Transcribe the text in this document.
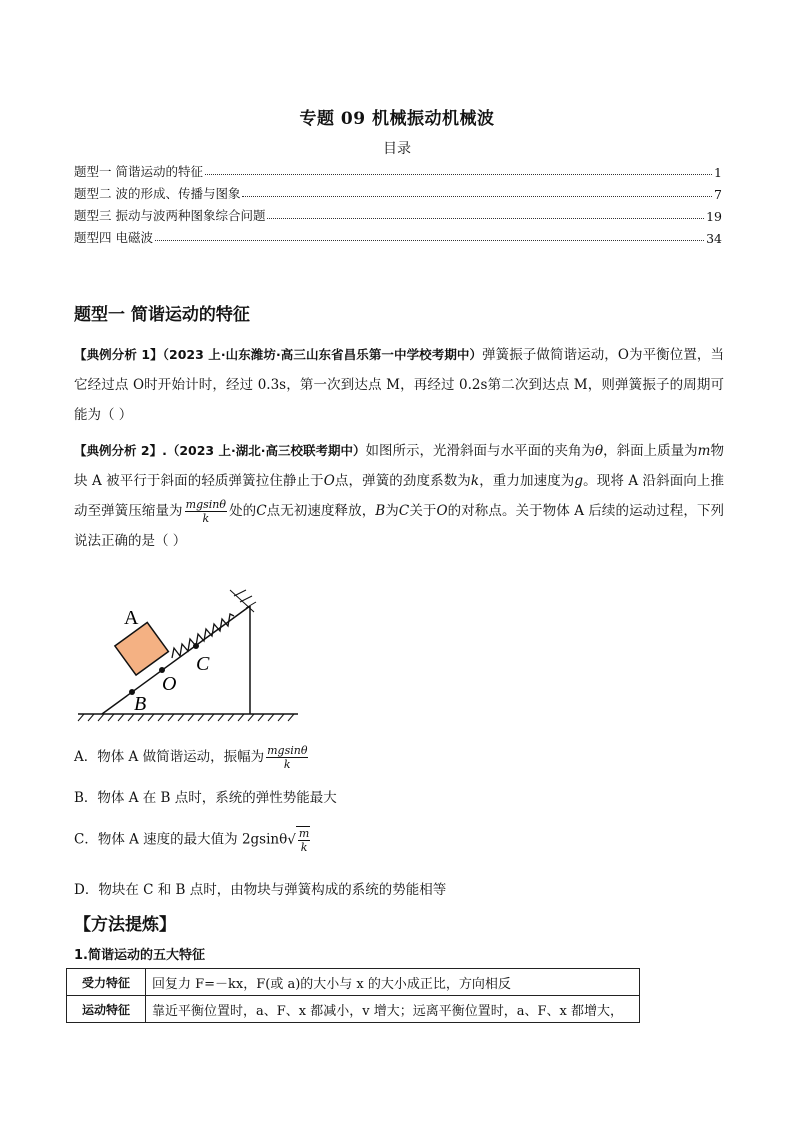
专题 09 机械振动机械波
目录
题型一 简谐运动的特征	1
题型二 波的形成、传播与图象	7
题型三 振动与波两种图象综合问题	19
题型四 电磁波	34
题型一 简谐运动的特征
【典例分析 1】（2023 上·山东潍坊·高三山东省昌乐第一中学校考期中）弹簧振子做简谐运动，O为平衡位置，当它经过点 O时开始计时，经过 0.3s，第一次到达点 M，再经过 0.2s第二次到达点 M，则弹簧振子的周期可能为（ ）
【典例分析 2】.（2023 上·湖北·高三校联考期中）如图所示，光滑斜面与水平面的夹角为θ，斜面上质量为m物块 A 被平行于斜面的轻质弹簧拉住静止于O点，弹簧的劲度系数为k，重力加速度为g。现将 A 沿斜面向上推动至弹簧压缩量为 $\frac{mgsin\theta}{k}$ 处的C点无初速度释放，B为C关于O的对称点。关于物体 A 后续的运动过程，下列说法正确的是（ ）
A
B
O
C
A．物体 A 做简谐运动，振幅为 $\frac{mgsin\theta}{k}$
B．物体 A 在 B 点时，系统的弹性势能最大
C．物体 A 速度的最大值为 2gsinθ √ $\frac{m}{k}$
D．物块在 C 和 B 点时，由物块与弹簧构成的系统的势能相等
【方法提炼】
1.简谐运动的五大特征
受力特征	回复力 F=－kx，F(或 a)的大小与 x 的大小成正比，方向相反
运动特征	靠近平衡位置时，a、F、x 都减小，v 增大；远离平衡位置时，a、F、x 都增大，
